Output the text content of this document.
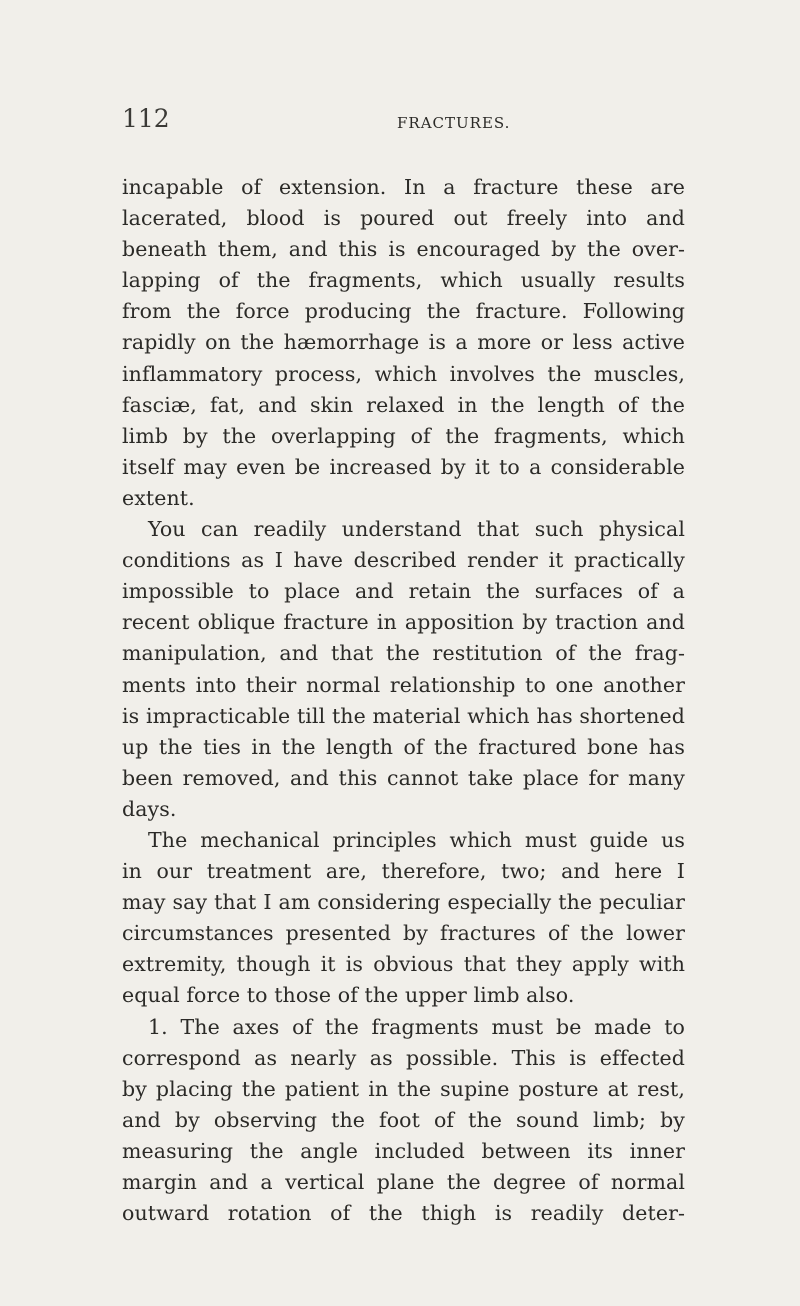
112	FRACTURES.
incapable of extension. In a fracture these are
lacerated, blood is poured out freely into and
beneath them, and this is encouraged by the over-
lapping of the fragments, which usually results
from the force producing the fracture. Following
rapidly on the hæmorrhage is a more or less active
inflammatory process, which involves the muscles,
fasciæ, fat, and skin relaxed in the length of the
limb by the overlapping of the fragments, which
itself may even be increased by it to a considerable
extent.
You can readily understand that such physical
conditions as I have described render it practically
impossible to place and retain the surfaces of a
recent oblique fracture in apposition by traction and
manipulation, and that the restitution of the frag-
ments into their normal relationship to one another
is impracticable till the material which has shortened
up the ties in the length of the fractured bone has
been removed, and this cannot take place for many
days.
The mechanical principles which must guide us
in our treatment are, therefore, two; and here I
may say that I am considering especially the peculiar
circumstances presented by fractures of the lower
extremity, though it is obvious that they apply with
equal force to those of the upper limb also.
1. The axes of the fragments must be made to
correspond as nearly as possible. This is effected
by placing the patient in the supine posture at rest,
and by observing the foot of the sound limb; by
measuring the angle included between its inner
margin and a vertical plane the degree of normal
outward rotation of the thigh is readily deter-
